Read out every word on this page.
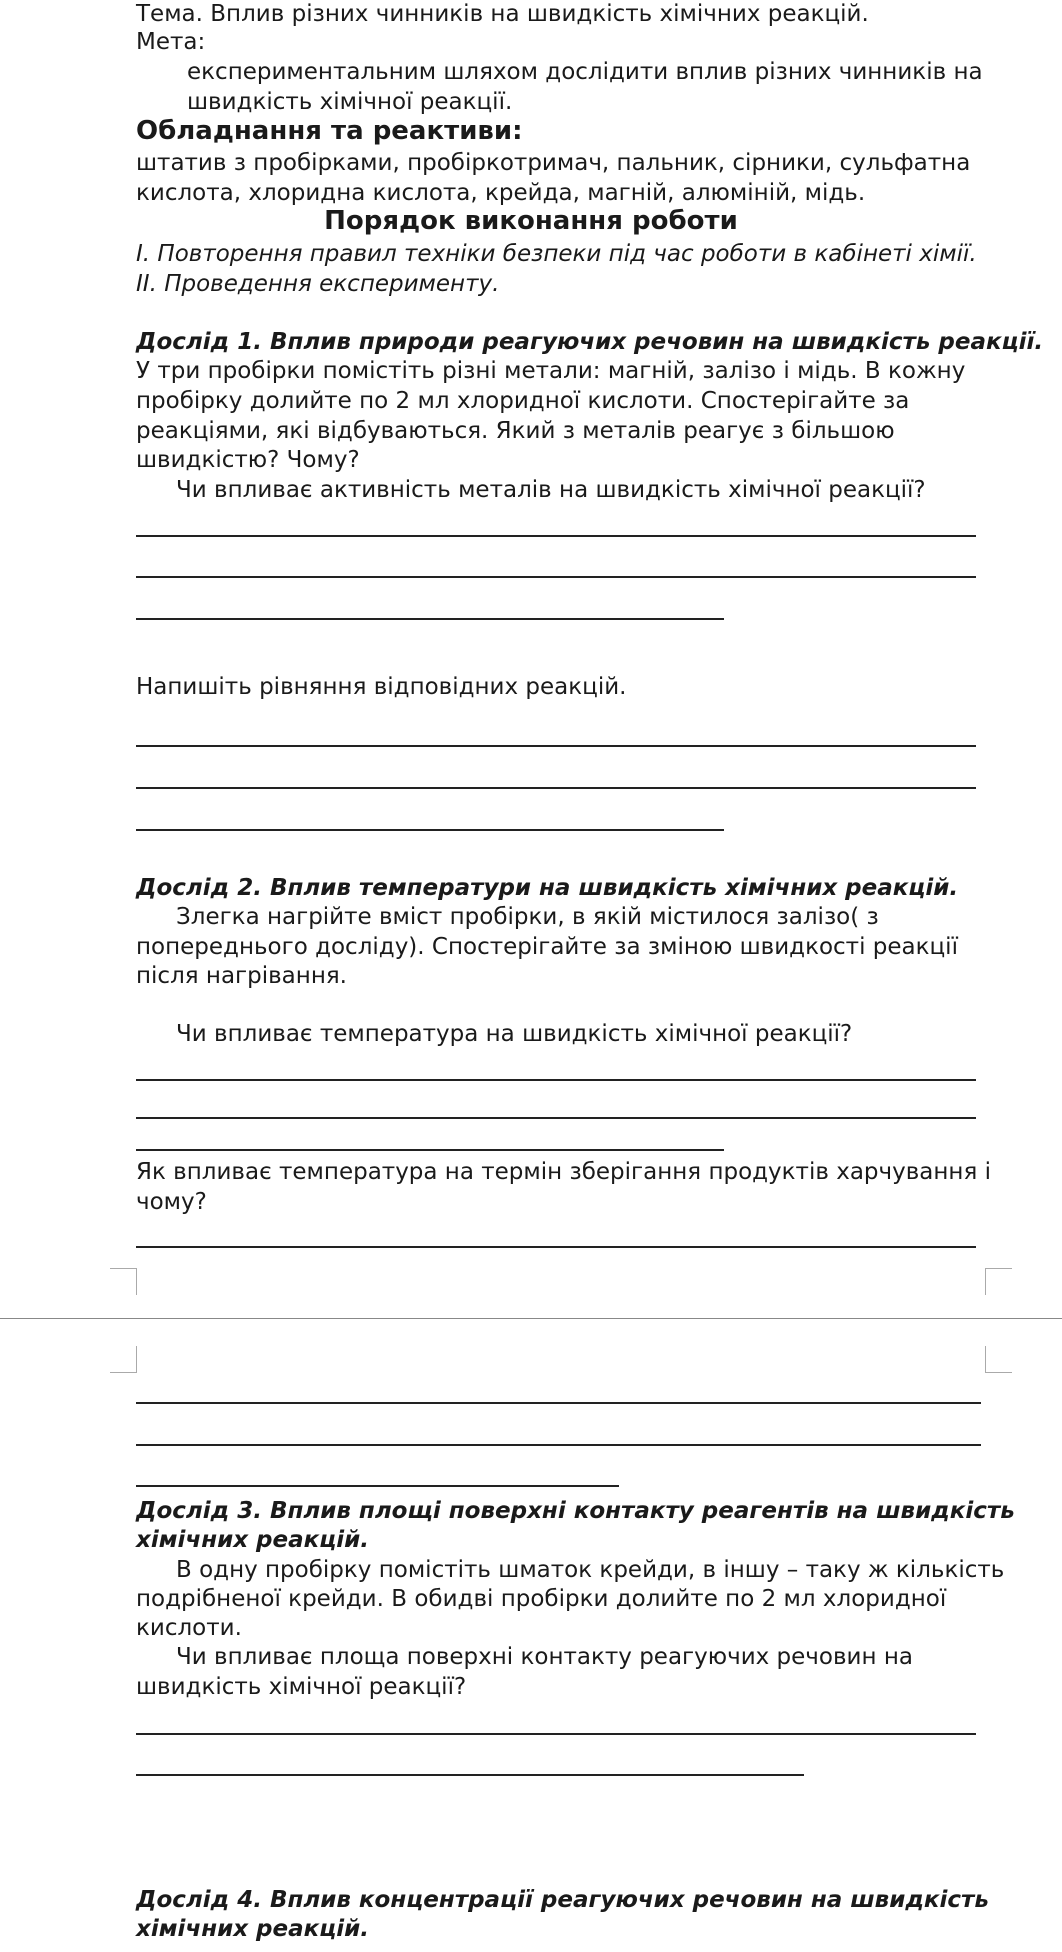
Тема. Вплив різних чинників на швидкість хімічних реакцій.
Мета:
експериментальним шляхом дослідити вплив різних чинників на
швидкість хімічної реакції.
Обладнання та реактиви:
штатив з пробірками, пробіркотримач, пальник, сірники, сульфатна
кислота, хлоридна кислота, крейда, магній, алюміній, мідь.
Порядок виконання роботи
І. Повторення правил техніки безпеки під час роботи в кабінеті хімії.
ІІ. Проведення експерименту.
Дослід 1. Вплив природи реагуючих речовин на швидкість реакції.
У три пробірки помістіть різні метали: магній, залізо і мідь. В кожну
пробірку долийте по 2 мл хлоридної кислоти. Спостерігайте за
реакціями, які відбуваються. Який з металів реагує з більшою
швидкістю? Чому?
Чи впливає активність металів на швидкість хімічної реакції?
Напишіть рівняння відповідних реакцій.
Дослід 2. Вплив температури на швидкість хімічних реакцій.
Злегка нагрійте вміст пробірки, в якій містилося залізо( з
попереднього досліду). Спостерігайте за зміною швидкості реакції
після нагрівання.
Чи впливає температура на швидкість хімічної реакції?
Як впливає температура на термін зберігання продуктів харчування і
чому?
Дослід 3. Вплив площі поверхні контакту реагентів на швидкість
хімічних реакцій.
В одну пробірку помістіть шматок крейди, в іншу – таку ж кількість
подрібненої крейди. В обидві пробірки долийте по 2 мл хлоридної
кислоти.
Чи впливає площа поверхні контакту реагуючих речовин на
швидкість хімічної реакції?
Дослід 4. Вплив концентрації реагуючих речовин на швидкість
хімічних реакцій.
